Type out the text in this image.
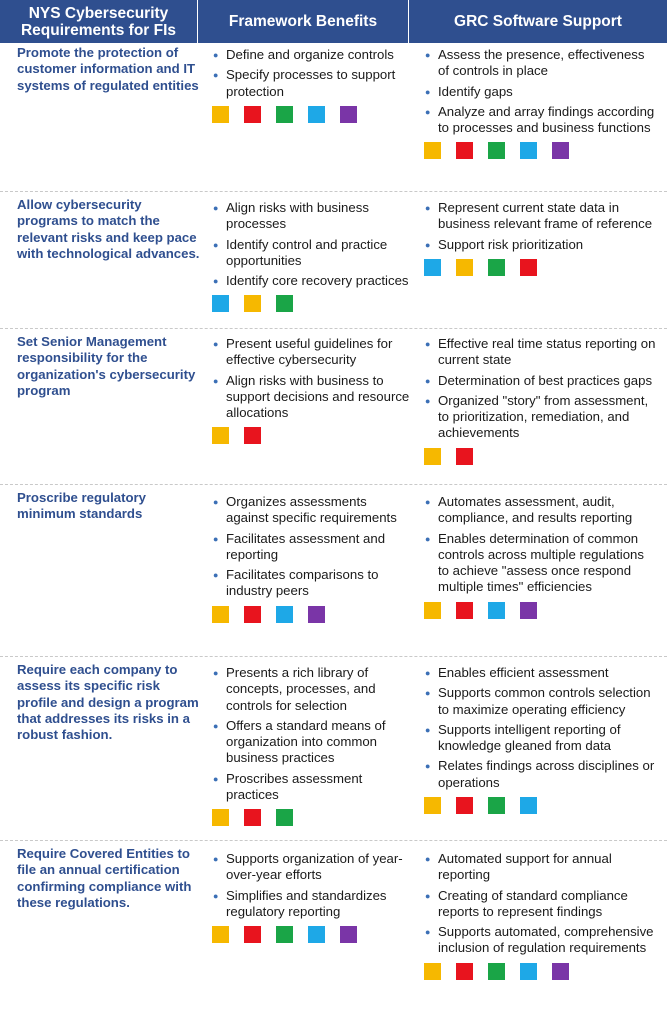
NYS Cybersecurity Requirements for FIs	Framework Benefits	GRC Software Support
Promote the protection of customer information and IT systems of regulated entities
● Define and organize controls
● Specify processes to support protection
● Assess the presence, effectiveness of controls in place
● Identify gaps
● Analyze and array findings according to processes and business functions
Allow cybersecurity programs to match the relevant risks and keep pace with technological advances.
● Align risks with business processes
● Identify control and practice opportunities
● Identify core recovery practices
● Represent current state data in business relevant frame of reference
● Support risk prioritization
Set Senior Management responsibility for the organization's cybersecurity program
● Present useful guidelines for effective cybersecurity
● Align risks with business to support decisions and resource allocations
● Effective real time status reporting on current state
● Determination of best practices gaps
● Organized "story" from assessment, to prioritization, remediation, and achievements
Proscribe regulatory minimum standards
● Organizes assessments against specific requirements
● Facilitates assessment and reporting
● Facilitates comparisons to industry peers
● Automates assessment, audit, compliance, and results reporting
● Enables determination of common controls across multiple regulations to achieve "assess once respond multiple times" efficiencies
Require each company to assess its specific risk profile and design a program that addresses its risks in a robust fashion.
● Presents a rich library of concepts, processes, and controls for selection
● Offers a standard means of organization into common business practices
● Proscribes assessment practices
● Enables efficient assessment
● Supports common controls selection to maximize operating efficiency
● Supports intelligent reporting of knowledge gleaned from data
● Relates findings across disciplines or operations
Require Covered Entities to file an annual certification confirming compliance with these regulations.
● Supports organization of year-over-year efforts
● Simplifies and standardizes regulatory reporting
● Automated support for annual reporting
● Creating of standard compliance reports to represent findings
● Supports automated, comprehensive inclusion of regulation requirements
